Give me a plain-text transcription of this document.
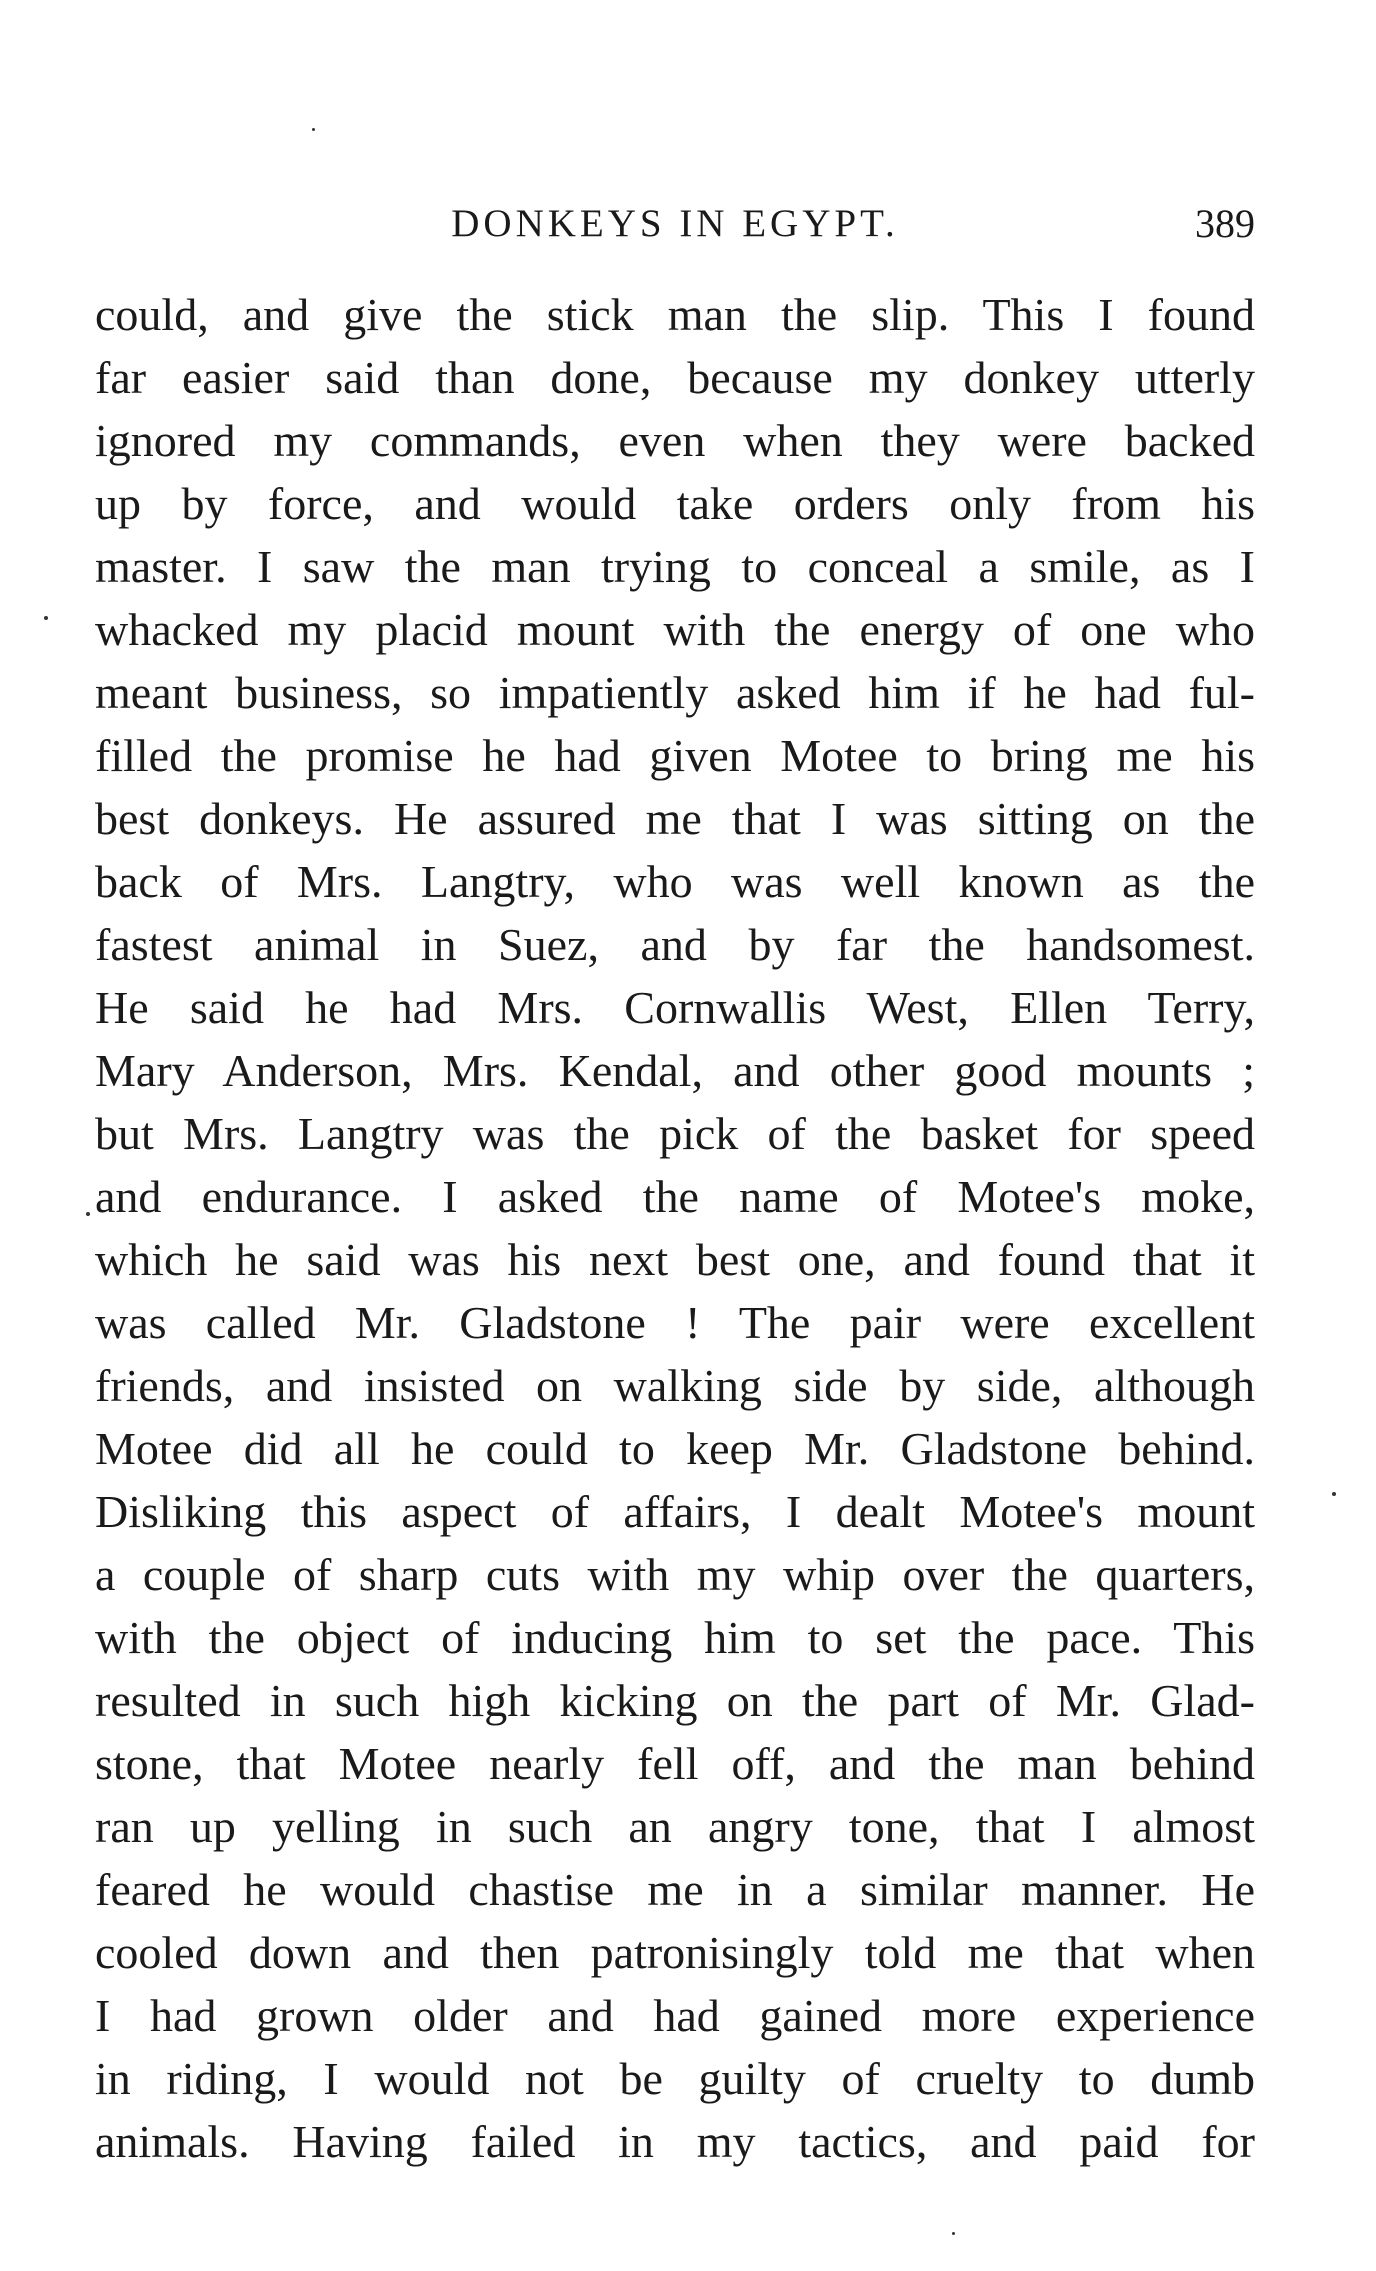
DONKEYS IN EGYPT.	389
could, and give the stick man the slip. This I found
far easier said than done, because my donkey utterly
ignored my commands, even when they were backed
up by force, and would take orders only from his
master. I saw the man trying to conceal a smile, as I
whacked my placid mount with the energy of one who
meant business, so impatiently asked him if he had ful-
filled the promise he had given Motee to bring me his
best donkeys. He assured me that I was sitting on the
back of Mrs. Langtry, who was well known as the
fastest animal in Suez, and by far the handsomest.
He said he had Mrs. Cornwallis West, Ellen Terry,
Mary Anderson, Mrs. Kendal, and other good mounts ;
but Mrs. Langtry was the pick of the basket for speed
and endurance. I asked the name of Motee's moke,
which he said was his next best one, and found that it
was called Mr. Gladstone ! The pair were excellent
friends, and insisted on walking side by side, although
Motee did all he could to keep Mr. Gladstone behind.
Disliking this aspect of affairs, I dealt Motee's mount
a couple of sharp cuts with my whip over the quarters,
with the object of inducing him to set the pace. This
resulted in such high kicking on the part of Mr. Glad-
stone, that Motee nearly fell off, and the man behind
ran up yelling in such an angry tone, that I almost
feared he would chastise me in a similar manner. He
cooled down and then patronisingly told me that when
I had grown older and had gained more experience
in riding, I would not be guilty of cruelty to dumb
animals. Having failed in my tactics, and paid for
